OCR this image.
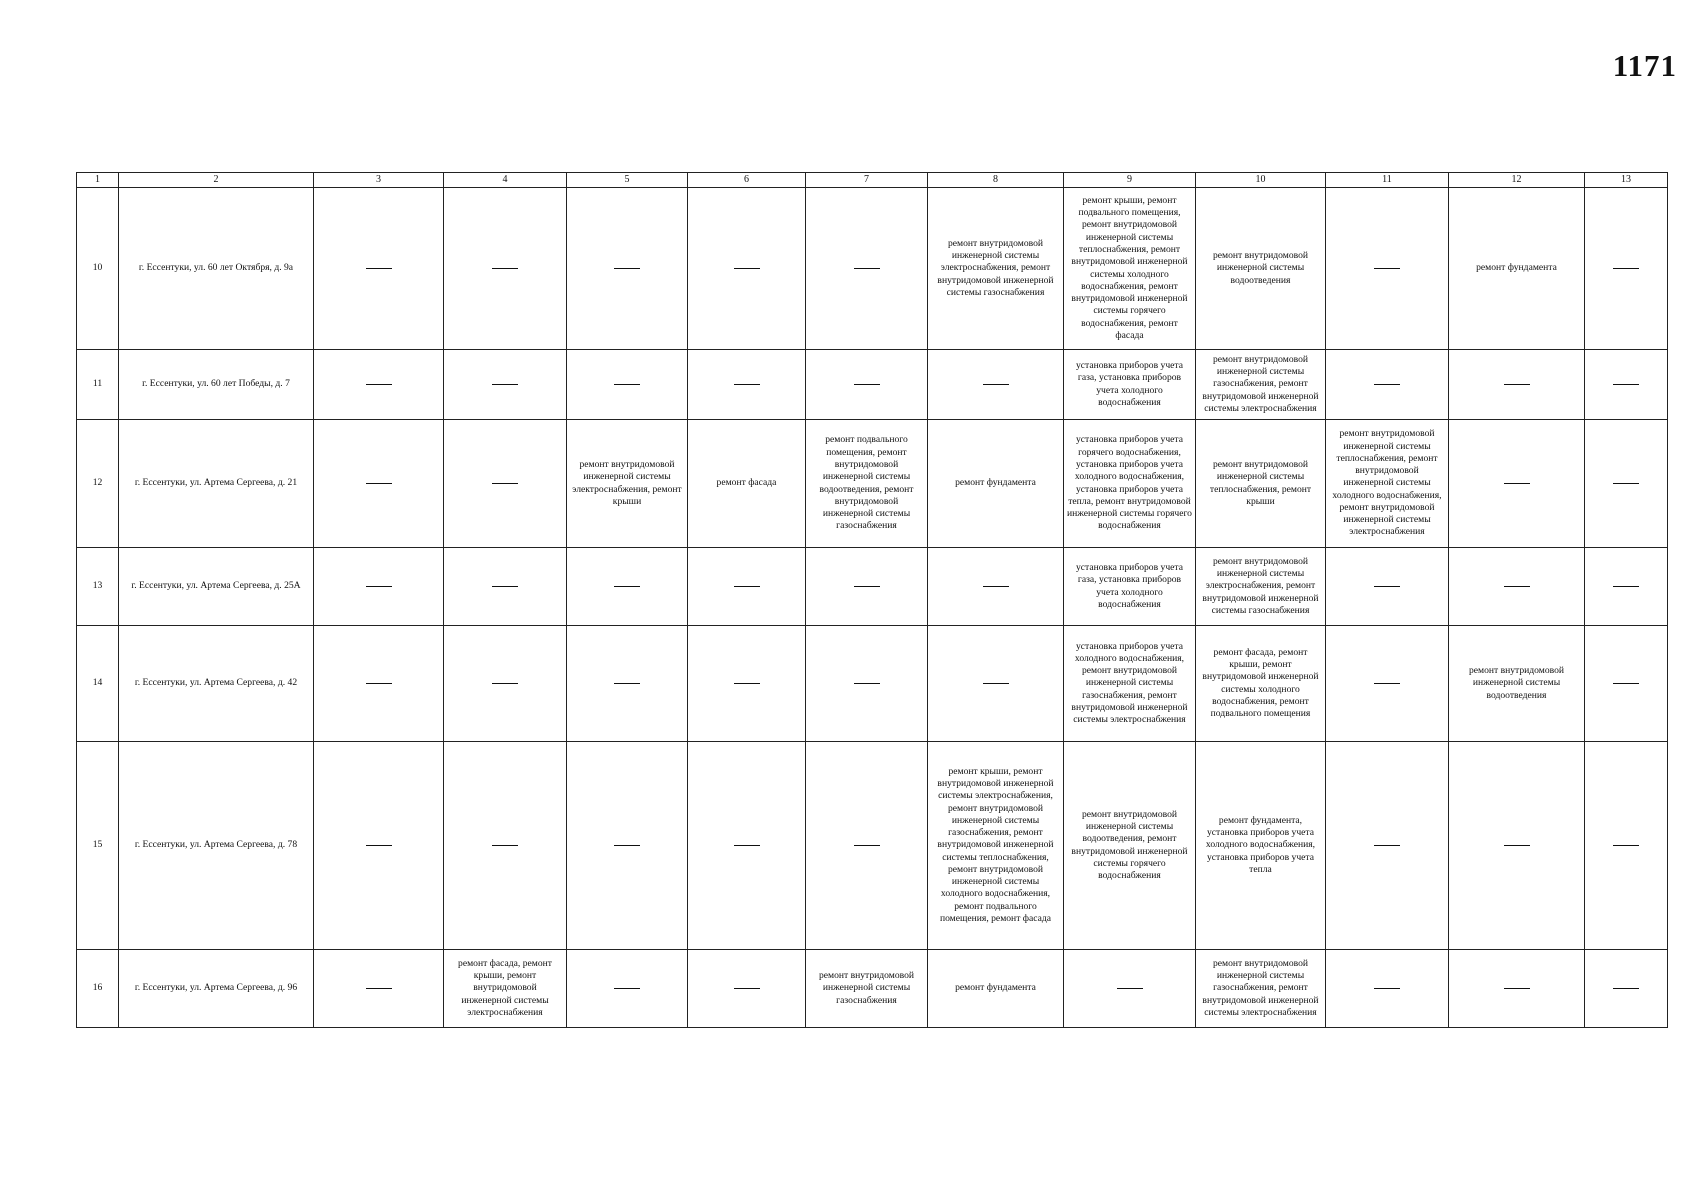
1171
1	2	3	4	5	6	7	8	9	10	11	12	13
10	г. Ессентуки, ул. 60 лет Октября, д. 9а						ремонт внутридомовой инженерной системы электроснабжения, ремонт внутридомовой инженерной системы газоснабжения	ремонт крыши, ремонт подвального помещения, ремонт внутридомовой инженерной системы теплоснабжения, ремонт внутридомовой инженерной системы холодного водоснабжения, ремонт внутридомовой инженерной системы горячего водоснабжения, ремонт фасада	ремонт внутридомовой инженерной системы водоотведения		ремонт фундамента	
11	г. Ессентуки, ул. 60 лет Победы, д. 7							установка приборов учета газа, установка приборов учета холодного водоснабжения	ремонт внутридомовой инженерной системы газоснабжения, ремонт внутридомовой инженерной системы электроснабжения			
12	г. Ессентуки, ул. Артема Сергеева, д. 21			ремонт внутридомовой инженерной системы электроснабжения, ремонт крыши	ремонт фасада	ремонт подвального помещения, ремонт внутридомовой инженерной системы водоотведения, ремонт внутридомовой инженерной системы газоснабжения	ремонт фундамента	установка приборов учета горячего водоснабжения, установка приборов учета холодного водоснабжения, установка приборов учета тепла, ремонт внутридомовой инженерной системы горячего водоснабжения	ремонт внутридомовой инженерной системы теплоснабжения, ремонт крыши	ремонт внутридомовой инженерной системы теплоснабжения, ремонт внутридомовой инженерной системы холодного водоснабжения, ремонт внутридомовой инженерной системы электроснабжения		
13	г. Ессентуки, ул. Артема Сергеева, д. 25А							установка приборов учета газа, установка приборов учета холодного водоснабжения	ремонт внутридомовой инженерной системы электроснабжения, ремонт внутридомовой инженерной системы газоснабжения			
14	г. Ессентуки, ул. Артема Сергеева, д. 42							установка приборов учета холодного водоснабжения, ремонт внутридомовой инженерной системы газоснабжения, ремонт внутридомовой инженерной системы электроснабжения	ремонт фасада, ремонт крыши, ремонт внутридомовой инженерной системы холодного водоснабжения, ремонт подвального помещения		ремонт внутридомовой инженерной системы водоотведения	
15	г. Ессентуки, ул. Артема Сергеева, д. 78						ремонт крыши, ремонт внутридомовой инженерной системы электроснабжения, ремонт внутридомовой инженерной системы газоснабжения, ремонт внутридомовой инженерной системы теплоснабжения, ремонт внутридомовой инженерной системы холодного водоснабжения, ремонт подвального помещения, ремонт фасада	ремонт внутридомовой инженерной системы водоотведения, ремонт внутридомовой инженерной системы горячего водоснабжения	ремонт фундамента, установка приборов учета холодного водоснабжения, установка приборов учета тепла			
16	г. Ессентуки, ул. Артема Сергеева, д. 96		ремонт фасада, ремонт крыши, ремонт внутридомовой инженерной системы электроснабжения			ремонт внутридомовой инженерной системы газоснабжения	ремонт фундамента		ремонт внутридомовой инженерной системы газоснабжения, ремонт внутридомовой инженерной системы электроснабжения			
